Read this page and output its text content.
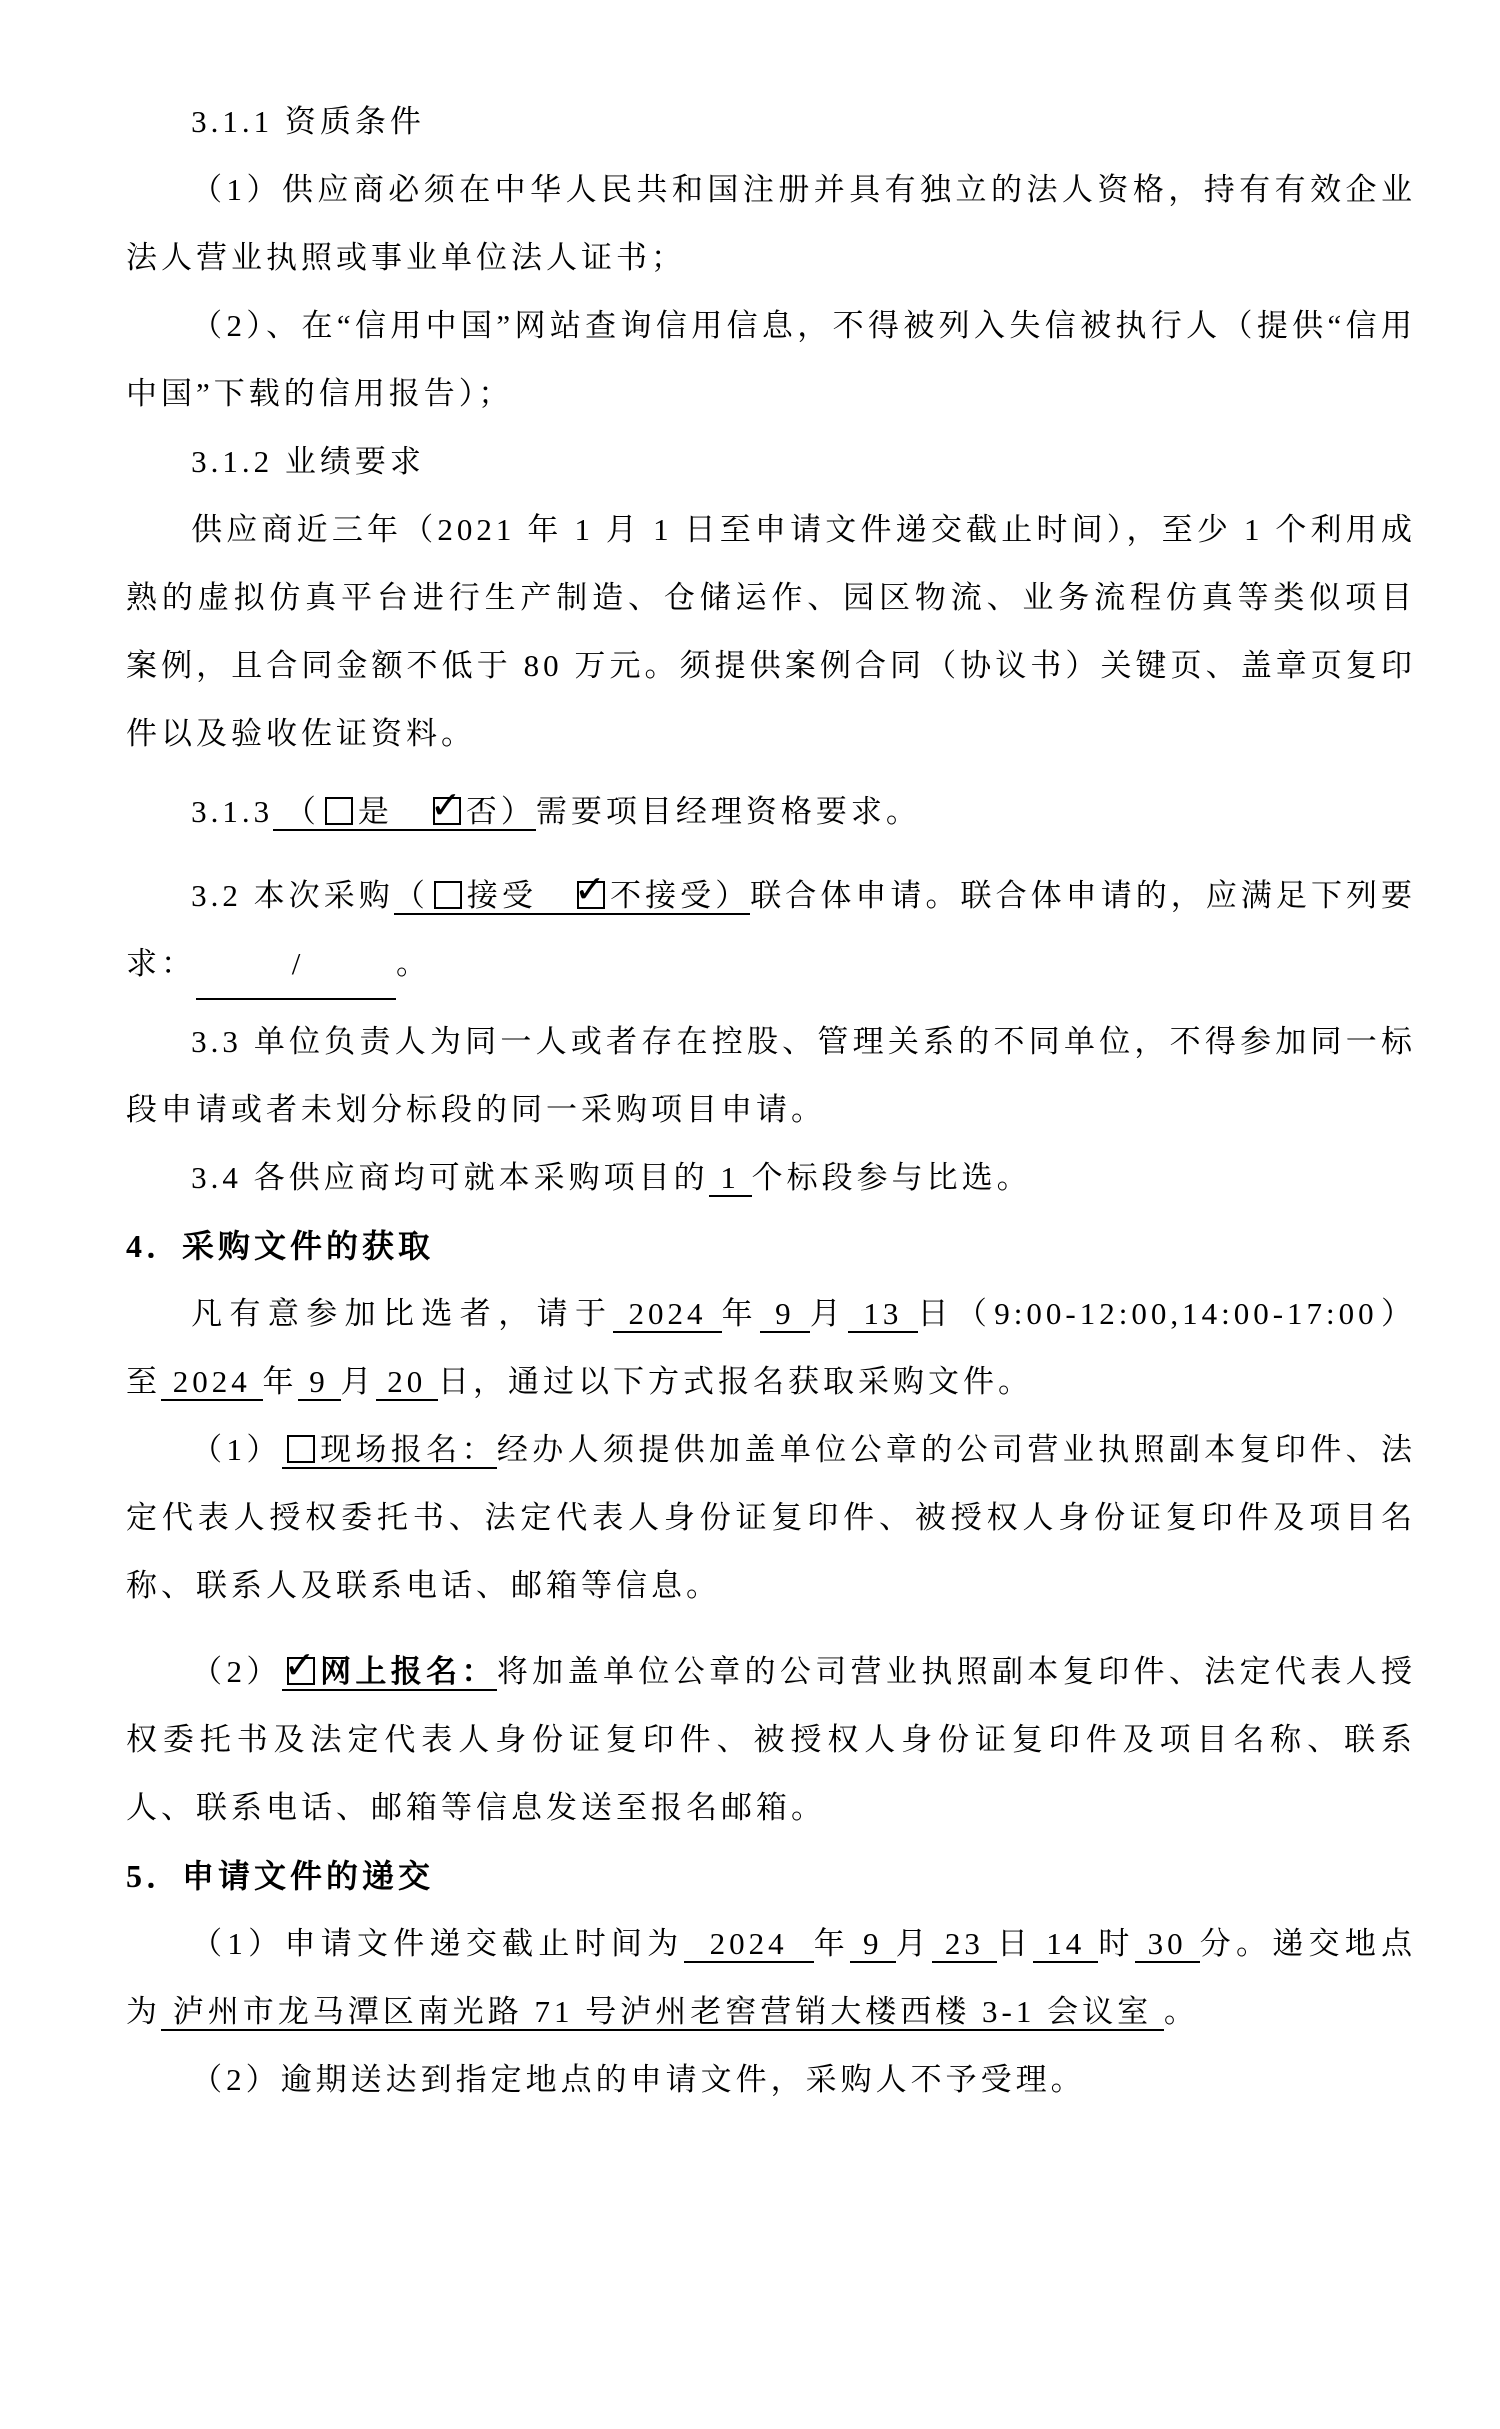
3.1.1 资质条件

（1）供应商必须在中华人民共和国注册并具有独立的法人资格，持有有效企业法人营业执照或事业单位法人证书；

（2）、在“信用中国”网站查询信用信息，不得被列入失信被执行人（提供“信用中国”下载的信用报告）；

3.1.2 业绩要求

供应商近三年（2021 年 1 月 1 日至申请文件递交截止时间），至少 1 个利用成熟的虚拟仿真平台进行生产制造、仓储运作、园区物流、业务流程仿真等类似项目案例，且合同金额不低于 80 万元。须提供案例合同（协议书）关键页、盖章页复印件以及验收佐证资料。

3.1.3 （ 是　 ✓ 否）需要项目经理资格要求。

3.2 本次采购（ 接受　 ✓ 不接受）联合体申请。联合体申请的，应满足下列要求：	/	。

3.3 单位负责人为同一人或者存在控股、管理关系的不同单位，不得参加同一标段申请或者未划分标段的同一采购项目申请。

3.4 各供应商均可就本采购项目的 1 个标段参与比选。

4．采购文件的获取

凡有意参加比选者，请于 2024 年 9 月 13 日（9:00-12:00,14:00-17:00）至 2024 年 9 月 20 日，通过以下方式报名获取采购文件。

（1） 现场报名：经办人须提供加盖单位公章的公司营业执照副本复印件、法定代表人授权委托书、法定代表人身份证复印件、被授权人身份证复印件及项目名称、联系人及联系电话、邮箱等信息。

（2） ✓ 网上报名：将加盖单位公章的公司营业执照副本复印件、法定代表人授权委托书及法定代表人身份证复印件、被授权人身份证复印件及项目名称、联系人、联系电话、邮箱等信息发送至报名邮箱。

5．申请文件的递交

（1）申请文件递交截止时间为  2024  年 9 月 23 日 14 时 30 分。递交地点为 泸州市龙马潭区南光路 71 号泸州老窖营销大楼西楼 3-1 会议室 。

（2）逾期送达到指定地点的申请文件，采购人不予受理。
